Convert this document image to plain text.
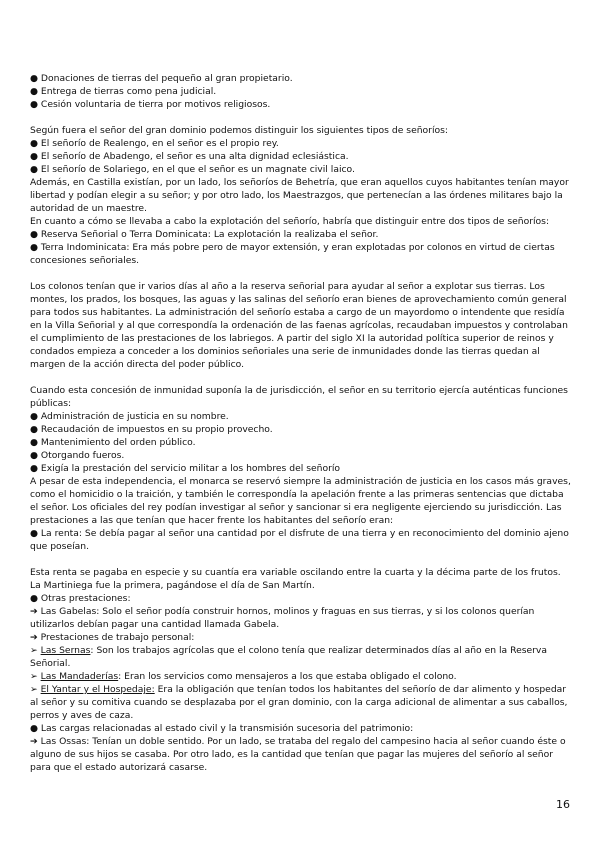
● Donaciones de tierras del pequeño al gran propietario.
● Entrega de tierras como pena judicial.
● Cesión voluntaria de tierra por motivos religiosos.
Según fuera el señor del gran dominio podemos distinguir los siguientes tipos de señoríos:
● El señorío de Realengo, en el señor es el propio rey.
● El señorío de Abadengo, el señor es una alta dignidad eclesiástica.
● El señorío de Solariego, en el que el señor es un magnate civil laico.
Además, en Castilla existían, por un lado, los señoríos de Behetría, que eran aquellos cuyos habitantes tenían mayor libertad y podían elegir a su señor; y por otro lado, los Maestrazgos, que pertenecían a las órdenes militares bajo la autoridad de un maestre.
En cuanto a cómo se llevaba a cabo la explotación del señorío, habría que distinguir entre dos tipos de señoríos:
● Reserva Señorial o Terra Dominicata: La explotación la realizaba el señor.
● Terra Indominicata: Era más pobre pero de mayor extensión, y eran explotadas por colonos en virtud de ciertas concesiones señoriales.
Los colonos tenían que ir varios días al año a la reserva señorial para ayudar al señor a explotar sus tierras. Los montes, los prados, los bosques, las aguas y las salinas del señorío eran bienes de aprovechamiento común general para todos sus habitantes. La administración del señorío estaba a cargo de un mayordomo o intendente que residía en la Villa Señorial y al que correspondía la ordenación de las faenas agrícolas, recaudaban impuestos y controlaban el cumplimiento de las prestaciones de los labriegos. A partir del siglo XI la autoridad política superior de reinos y condados empieza a conceder a los dominios señoriales una serie de inmunidades donde las tierras quedan al margen de la acción directa del poder público.
Cuando esta concesión de inmunidad suponía la de jurisdicción, el señor en su territorio ejercía auténticas funciones públicas:
● Administración de justicia en su nombre.
● Recaudación de impuestos en su propio provecho.
● Mantenimiento del orden público.
● Otorgando fueros.
● Exigía la prestación del servicio militar a los hombres del señorío
A pesar de esta independencia, el monarca se reservó siempre la administración de justicia en los casos más graves, como el homicidio o la traición, y también le correspondía la apelación frente a las primeras sentencias que dictaba el señor. Los oficiales del rey podían investigar al señor y sancionar si era negligente ejerciendo su jurisdicción. Las prestaciones a las que tenían que hacer frente los habitantes del señorío eran:
● La renta: Se debía pagar al señor una cantidad por el disfrute de una tierra y en reconocimiento del dominio ajeno que poseían.
Esta renta se pagaba en especie y su cuantía era variable oscilando entre la cuarta y la décima parte de los frutos. La Martiniega fue la primera, pagándose el día de San Martín.
● Otras prestaciones:
➔ Las Gabelas: Solo el señor podía construir hornos, molinos y fraguas en sus tierras, y si los colonos querían utilizarlos debían pagar una cantidad llamada Gabela.
➔ Prestaciones de trabajo personal:
➢ Las Sernas: Son los trabajos agrícolas que el colono tenía que realizar determinados días al año en la Reserva Señorial.
➢ Las Mandaderías: Eran los servicios como mensajeros a los que estaba obligado el colono.
➢ El Yantar y el Hospedaje: Era la obligación que tenían todos los habitantes del señorío de dar alimento y hospedar al señor y su comitiva cuando se desplazaba por el gran dominio, con la carga adicional de alimentar a sus caballos, perros y aves de caza.
● Las cargas relacionadas al estado civil y la transmisión sucesoria del patrimonio:
➔ Las Ossas: Tenían un doble sentido. Por un lado, se trataba del regalo del campesino hacia al señor cuando éste o alguno de sus hijos se casaba. Por otro lado, es la cantidad que tenían que pagar las mujeres del señorío al señor para que el estado autorizará casarse.
16
